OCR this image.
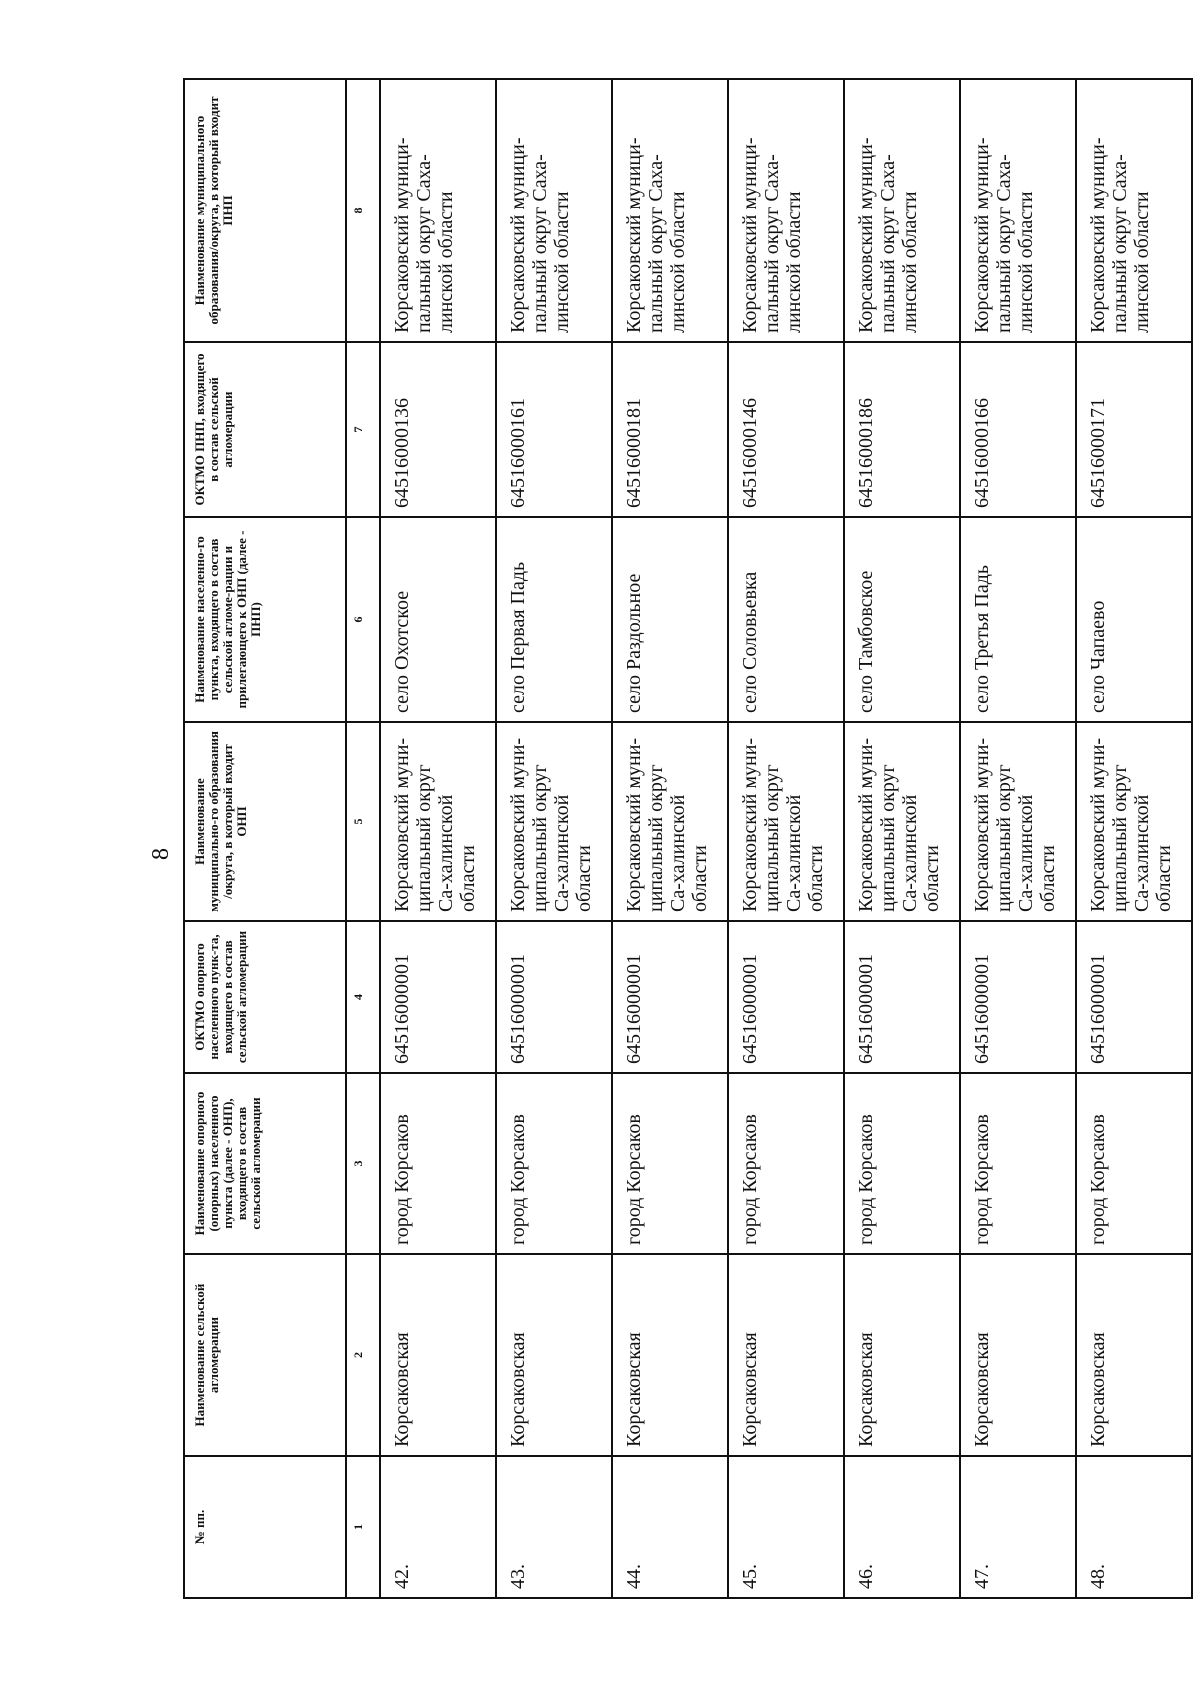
8
№ пп.	Наименование сельской агломерации	Наименование опорного (опорных) населенного пункта (далее - ОНП), входящего в состав сельской агломерации	ОКТМО опорного населенного пунк-та, входящего в состав сельской агломерации	Наименование муниципально-го образования /округа, в который входит ОНП	Наименование населенно-го пункта, входящего в состав сельской агломе-рации и прилегающего к ОНП (далее - ПНП)	ОКТМО ПНП, входящего в состав сельской агломерации	Наименование муниципального образования/округа, в который входит ПНП
1	2	3	4	5	6	7	8
42.	Корсаковская	город Корсаков	64516000001	Корсаковский муни-ципальный округ Са-халинской области	село Охотское	64516000136	Корсаковский муници-пальный округ Саха-линской области
43.	Корсаковская	город Корсаков	64516000001	Корсаковский муни-ципальный округ Са-халинской области	село Первая Падь	64516000161	Корсаковский муници-пальный округ Саха-линской области
44.	Корсаковская	город Корсаков	64516000001	Корсаковский муни-ципальный округ Са-халинской области	село Раздольное	64516000181	Корсаковский муници-пальный округ Саха-линской области
45.	Корсаковская	город Корсаков	64516000001	Корсаковский муни-ципальный округ Са-халинской области	село Соловьевка	64516000146	Корсаковский муници-пальный округ Саха-линской области
46.	Корсаковская	город Корсаков	64516000001	Корсаковский муни-ципальный округ Са-халинской области	село Тамбовское	64516000186	Корсаковский муници-пальный округ Саха-линской области
47.	Корсаковская	город Корсаков	64516000001	Корсаковский муни-ципальный округ Са-халинской области	село Третья Падь	64516000166	Корсаковский муници-пальный округ Саха-линской области
48.	Корсаковская	город Корсаков	64516000001	Корсаковский муни-ципальный округ Са-халинской области	село Чапаево	64516000171	Корсаковский муници-пальный округ Саха-линской области
